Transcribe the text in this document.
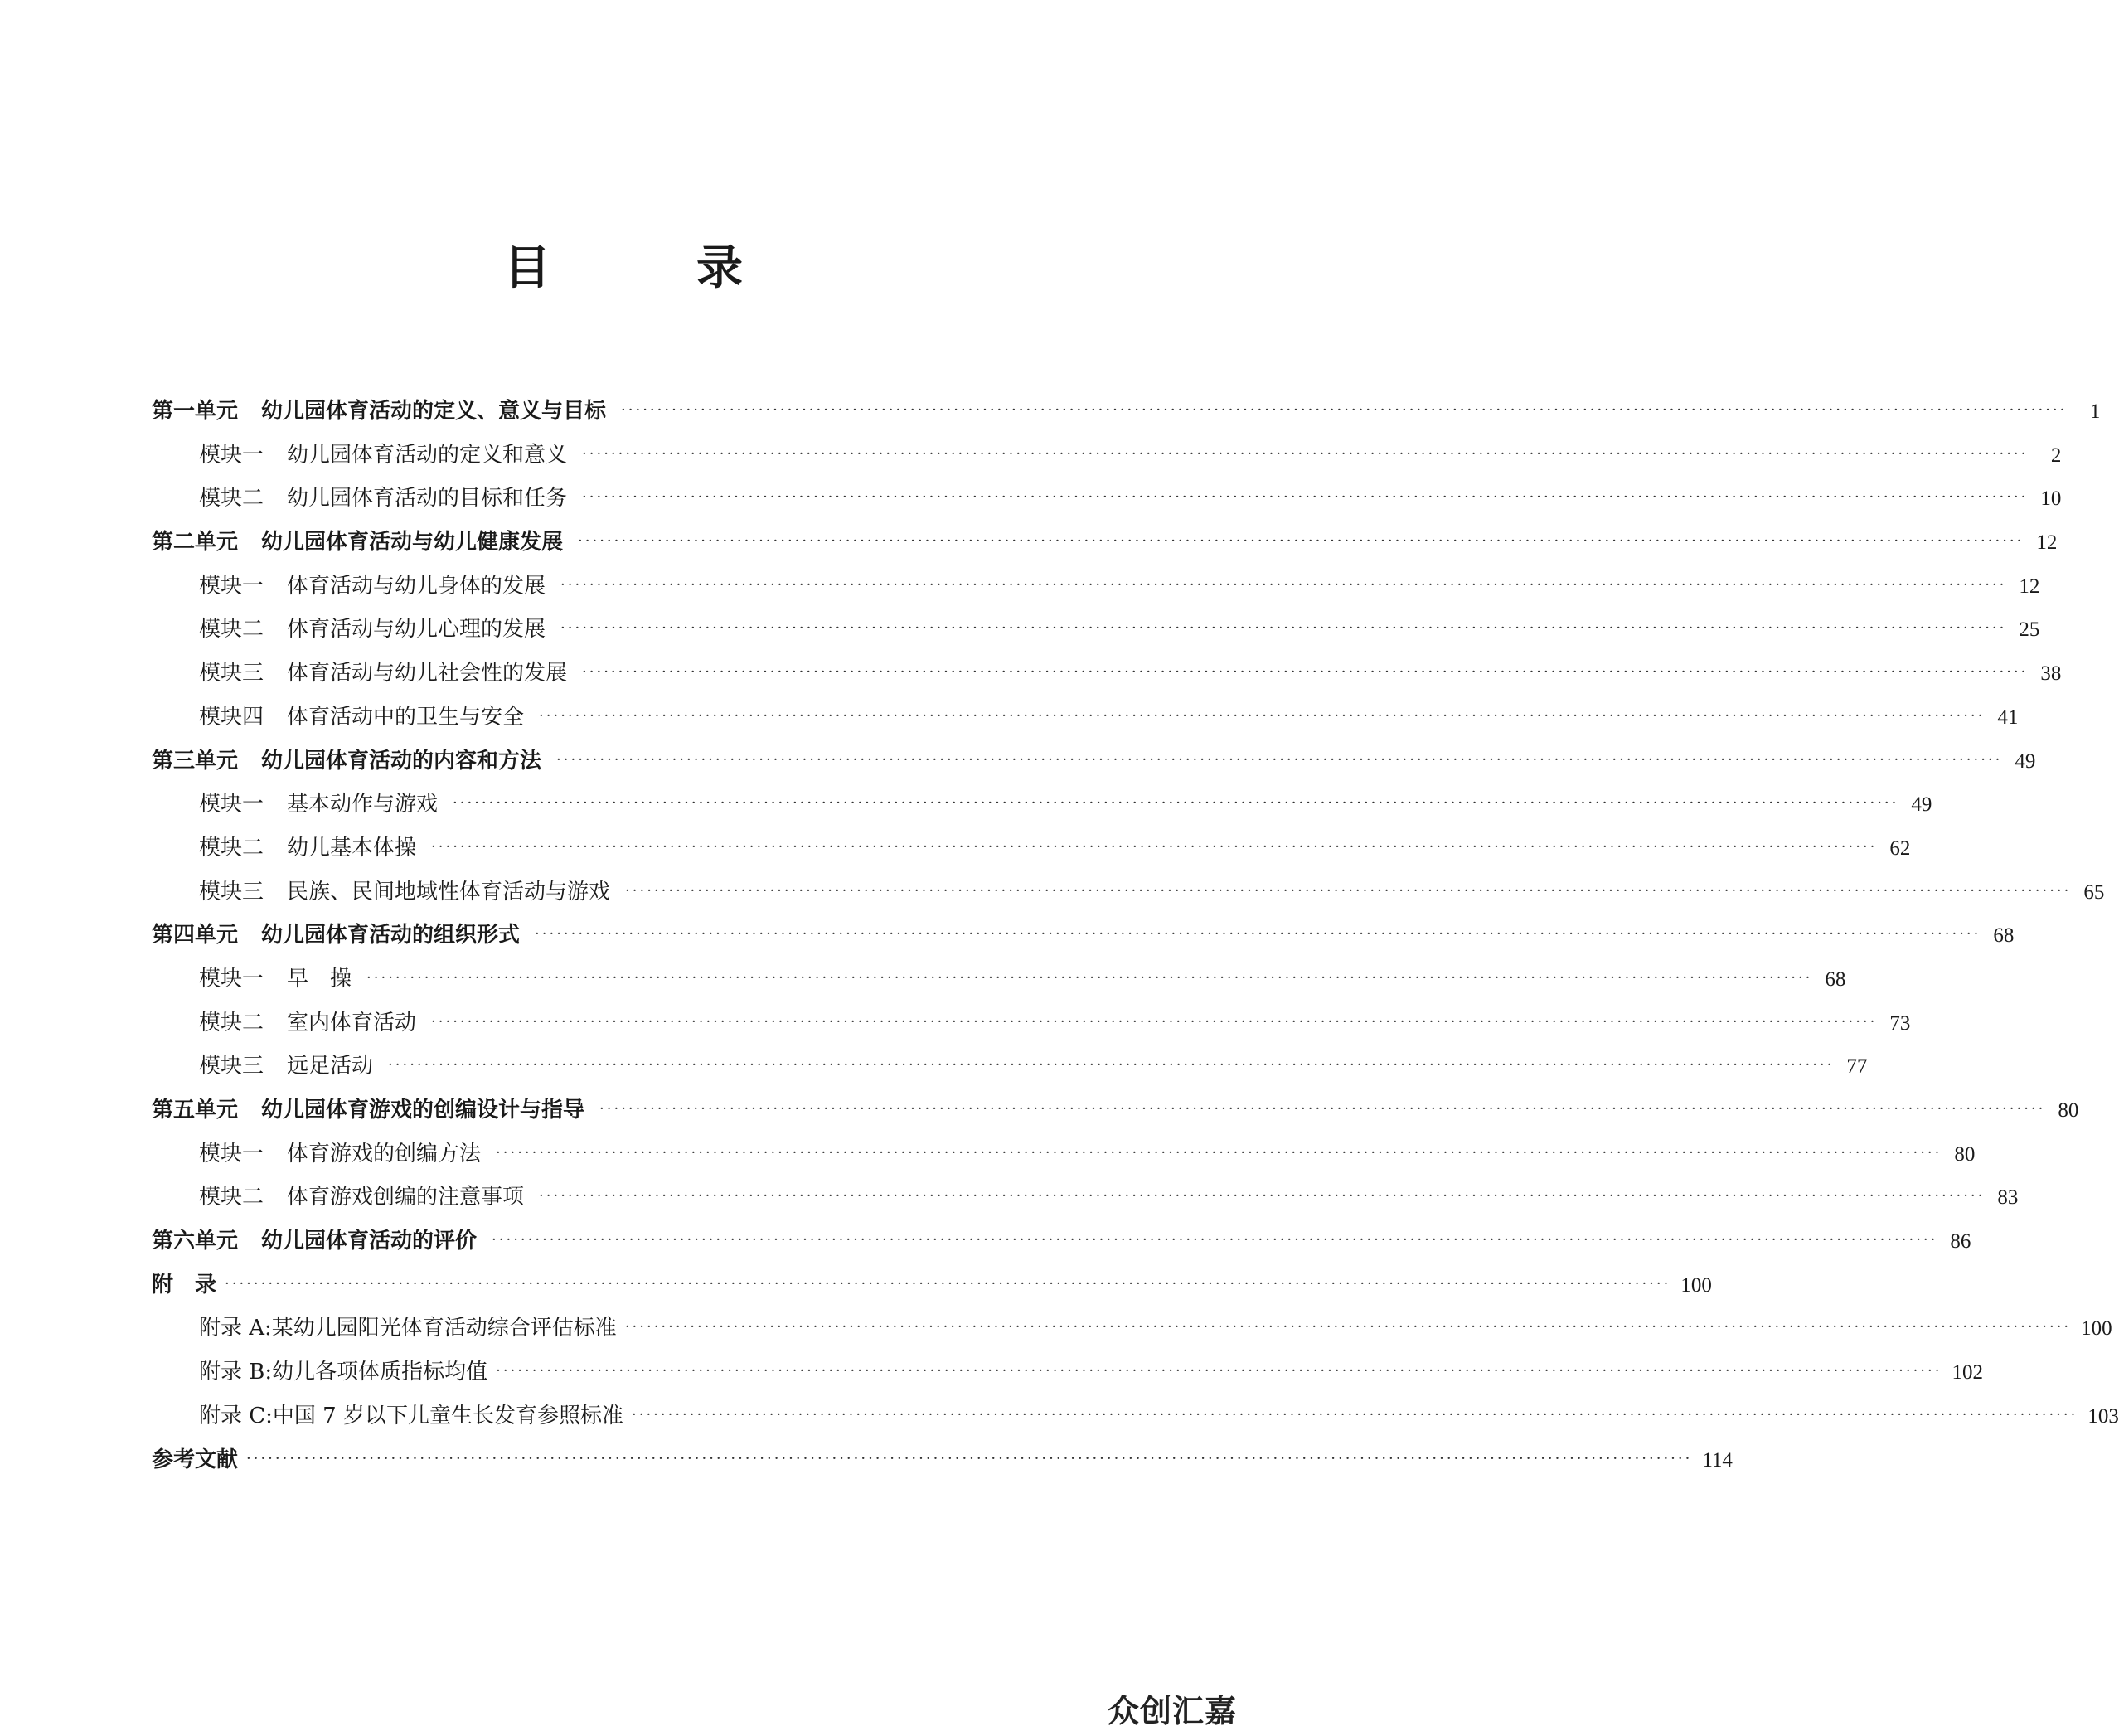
目　录
第一单元 幼儿园体育活动的定义、意义与目标 ········································································································································································································	1
模块一 幼儿园体育活动的定义和意义 ········································································································································································································	2
模块二 幼儿园体育活动的目标和任务 ········································································································································································································ 10
第二单元 幼儿园体育活动与幼儿健康发展 ········································································································································································································ 12
模块一 体育活动与幼儿身体的发展 ········································································································································································································ 12
模块二 体育活动与幼儿心理的发展 ········································································································································································································ 25
模块三 体育活动与幼儿社会性的发展 ········································································································································································································ 38
模块四 体育活动中的卫生与安全 ········································································································································································································ 41
第三单元 幼儿园体育活动的内容和方法 ········································································································································································································ 49
模块一 基本动作与游戏 ········································································································································································································ 49
模块二 幼儿基本体操 ········································································································································································································ 62
模块三 民族、民间地域性体育活动与游戏 ········································································································································································································ 65
第四单元 幼儿园体育活动的组织形式 ········································································································································································································ 68
模块一 早　操 ········································································································································································································ 68
模块二 室内体育活动 ········································································································································································································ 73
模块三 远足活动 ········································································································································································································ 77
第五单元 幼儿园体育游戏的创编设计与指导 ········································································································································································································ 80
模块一 体育游戏的创编方法 ········································································································································································································ 80
模块二 体育游戏创编的注意事项 ········································································································································································································ 83
第六单元 幼儿园体育活动的评价 ········································································································································································································ 86
附　录 ········································································································································································································ 100
附录 A:某幼儿园阳光体育活动综合评估标准 ········································································································································································································ 100
附录 B:幼儿各项体质指标均值 ········································································································································································································ 102
附录 C:中国 7 岁以下儿童生长发育参照标准 ········································································································································································································ 103
参考文献 ········································································································································································································ 114
众创汇嘉
